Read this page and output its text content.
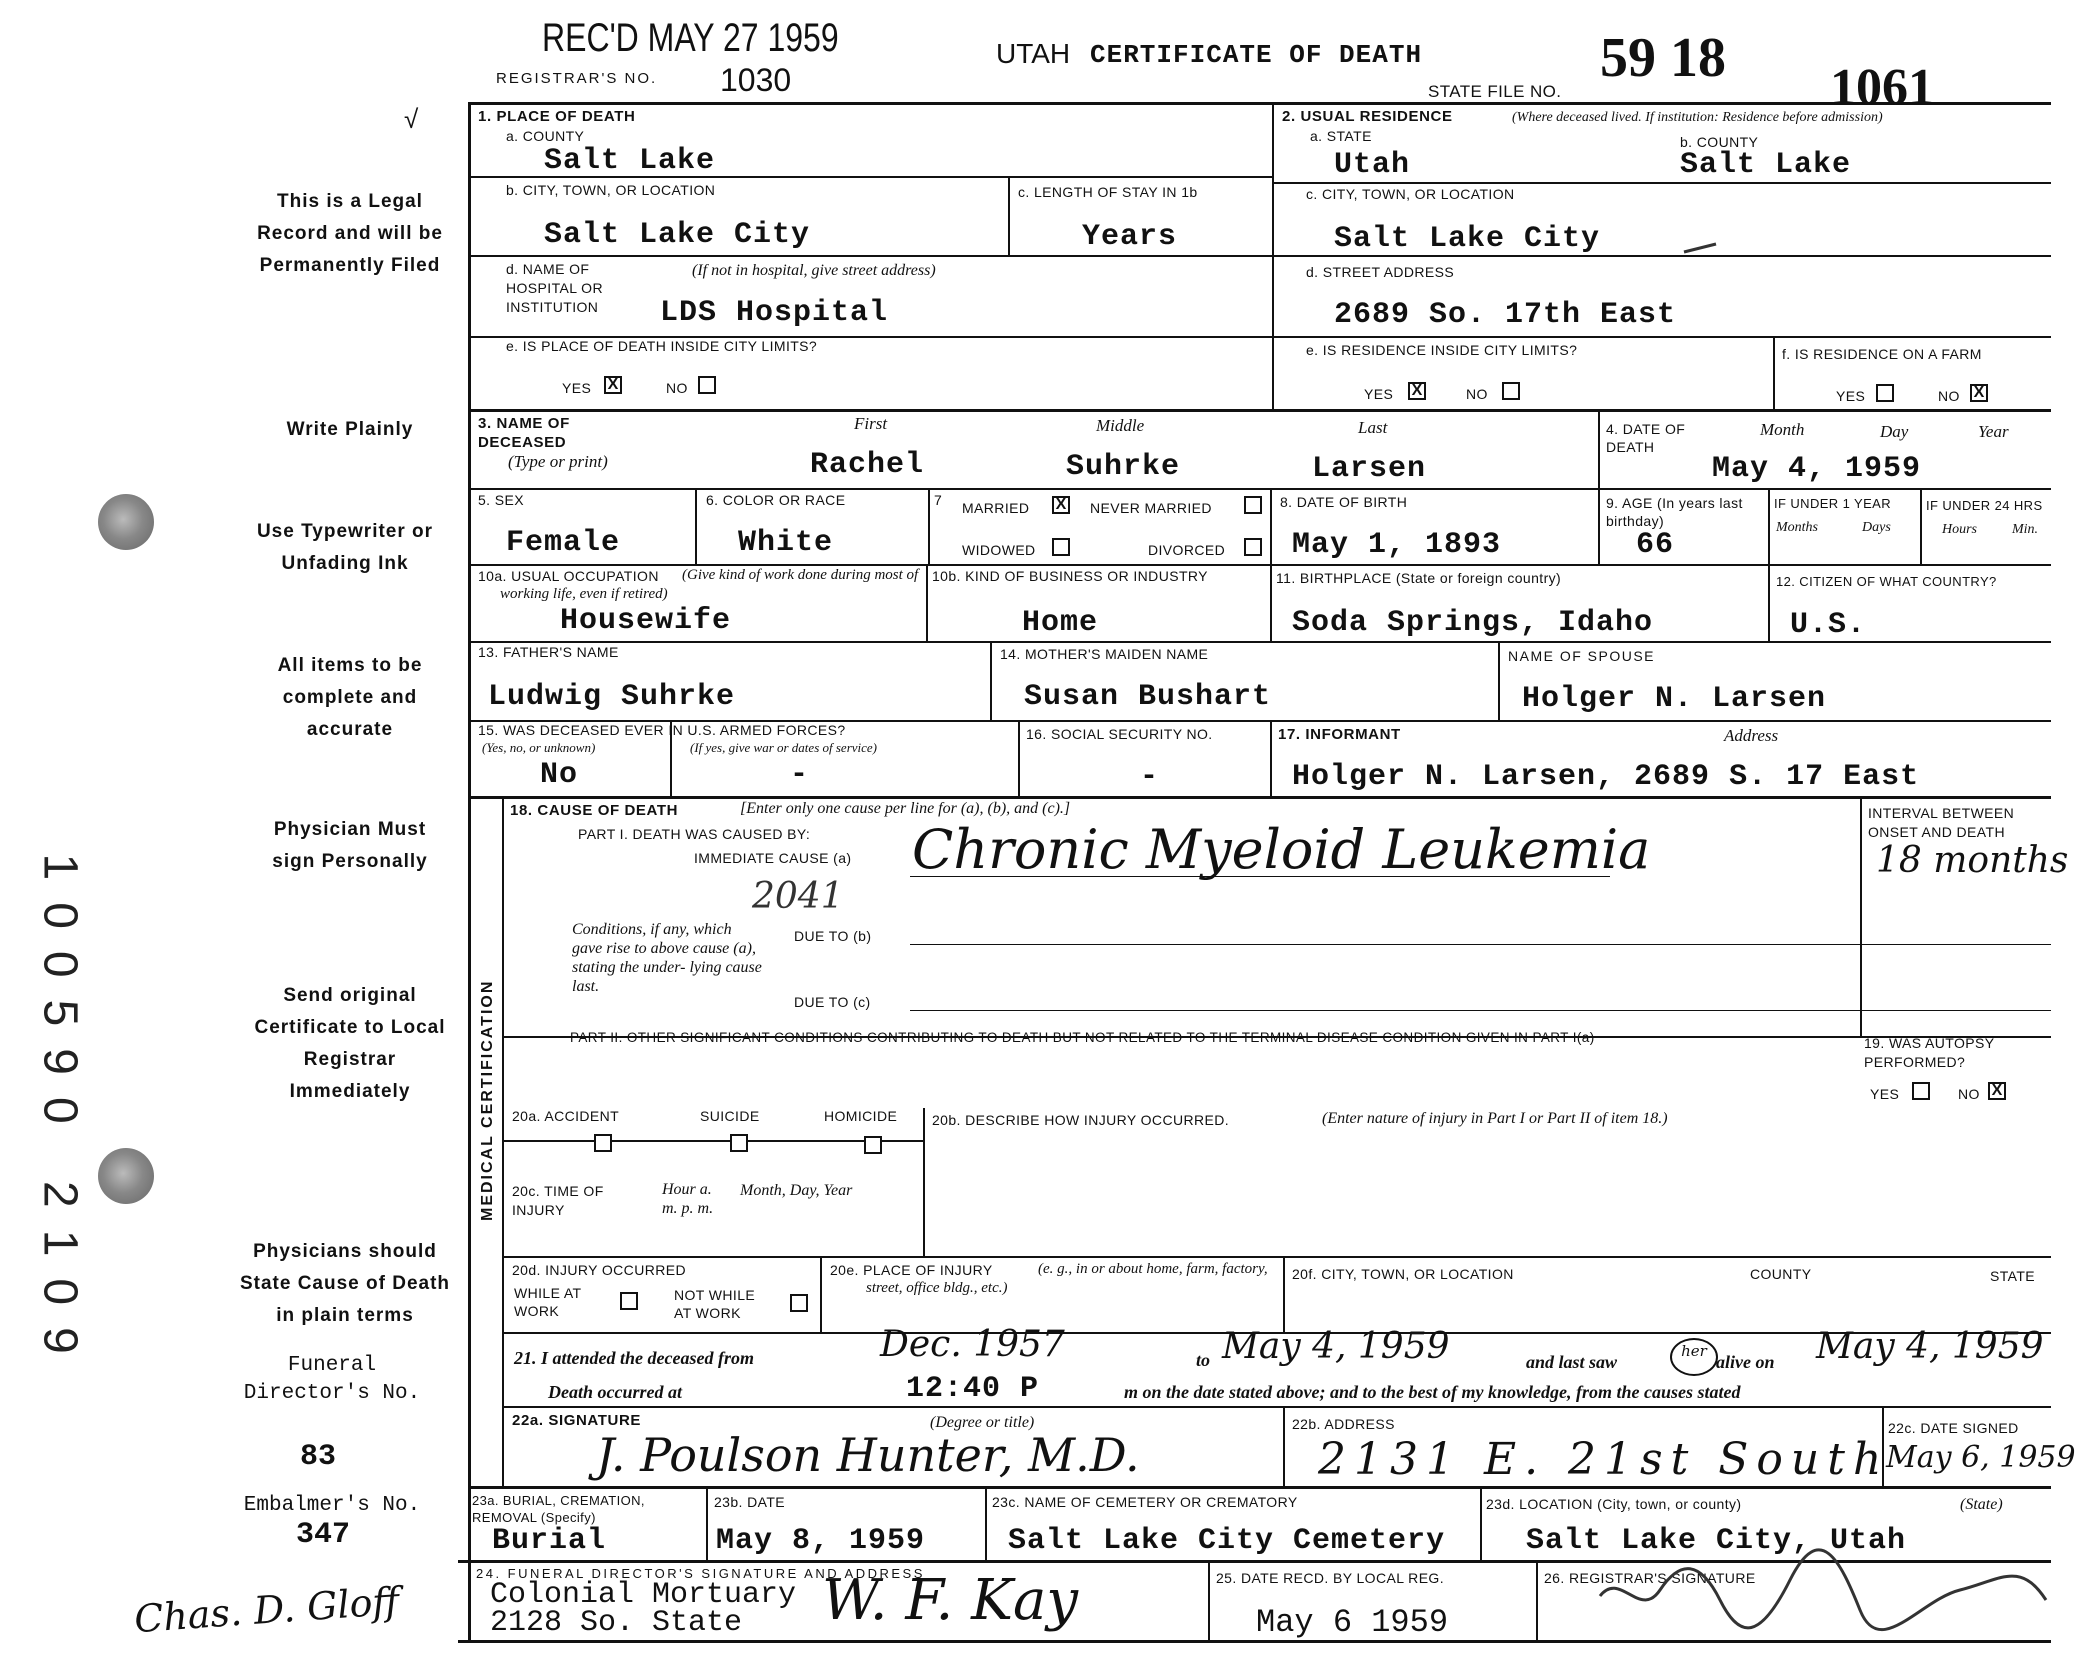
REC'D MAY 27 1959
REGISTRAR'S NO. 1030
UTAH CERTIFICATE OF DEATH
STATE FILE NO.
59 18 1061
√
This is a Legal Record and will be Permanently Filed
Write Plainly
Use Typewriter or Unfading Ink
All items to be complete and accurate
Physician Must sign Personally
Send original Certificate to Local Registrar Immediately
Physicians should State Cause of Death in plain terms
Funeral Director's No.
83
Embalmer's No.
347
Chas. D. Gloff
100590 2109
1. PLACE OF DEATH
a. COUNTY
Salt Lake
b. CITY, TOWN, OR LOCATION
Salt Lake City
c. LENGTH OF STAY IN 1b
Years
d. NAME OF HOSPITAL OR INSTITUTION
(If not in hospital, give street address)
LDS Hospital
e. IS PLACE OF DEATH INSIDE CITY LIMITS?
YES X	NO
2. USUAL RESIDENCE	(Where deceased lived. If institution: Residence before admission)
a. STATE
Utah
b. COUNTY
Salt Lake
c. CITY, TOWN, OR LOCATION
Salt Lake City
d. STREET ADDRESS
2689 So. 17th East
e. IS RESIDENCE INSIDE CITY LIMITS?
YES X	NO
f. IS RESIDENCE ON A FARM
YES	NO X
3. NAME OF DECEASED
(Type or print)
First	Middle	Last
Rachel	Suhrke	Larsen
4. DATE OF DEATH
Month	Day	Year
May 4, 1959
5. SEX
Female
6. COLOR OR RACE
White
7 MARRIED X NEVER MARRIED
WIDOWED	DIVORCED
8. DATE OF BIRTH
May 1, 1893
9. AGE (In years last birthday)
66
IF UNDER 1 YEAR	IF UNDER 24 HRS
Months	Days	Hours Min.
10a. USUAL OCCUPATION	(Give kind of work done during most of working life, even if retired)
Housewife
10b. KIND OF BUSINESS OR INDUSTRY
Home
11. BIRTHPLACE (State or foreign country)
Soda Springs, Idaho
12. CITIZEN OF WHAT COUNTRY?
U.S.
13. FATHER'S NAME
Ludwig Suhrke
14. MOTHER'S MAIDEN NAME
Susan Bushart
NAME OF SPOUSE
Holger N. Larsen
15. WAS DECEASED EVER IN U.S. ARMED FORCES?
(Yes, no, or unknown)	(If yes, give war or dates of service)
No	-
16. SOCIAL SECURITY NO.
-
17. INFORMANT	Address
Holger N. Larsen, 2689 S. 17 East
MEDICAL CERTIFICATION
18. CAUSE OF DEATH	[Enter only one cause per line for (a), (b), and (c).]
PART I. DEATH WAS CAUSED BY:
IMMEDIATE CAUSE (a) Chronic Myeloid Leukemia
2041
INTERVAL BETWEEN ONSET AND DEATH
18 months
Conditions, if any, which gave rise to above cause (a), stating the under- lying cause last.
DUE TO (b)
DUE TO (c)
PART II. OTHER SIGNIFICANT CONDITIONS CONTRIBUTING TO DEATH BUT NOT RELATED TO THE TERMINAL DISEASE CONDITION GIVEN IN PART I(a)	19. WAS AUTOPSY PERFORMED?
YES	NO X
20a. ACCIDENT	SUICIDE	HOMICIDE 20b. DESCRIBE HOW INJURY OCCURRED.	(Enter nature of injury in Part I or Part II of item 18.)
20c. TIME OF INJURY
Hour a. m. p. m.
Month, Day, Year
20d. INJURY OCCURRED
WHILE AT WORK
NOT WHILE AT WORK
20e. PLACE OF INJURY	(e. g., in or about home, farm, factory, street, office bldg., etc.)
20f. CITY, TOWN, OR LOCATION	COUNTY	STATE
21. I attended the deceased from	Dec. 1957	to May 4, 1959	and last saw
her
alive on May 4, 1959
Death occurred at	12:40 P	m on the date stated above; and to the best of my knowledge, from the causes stated
22a. SIGNATURE	(Degree or title)
J. Poulson Hunter, M.D.
22b. ADDRESS
2131 E. 21st South
22c. DATE SIGNED
May 6, 1959
23a. BURIAL, CREMATION, REMOVAL (Specify)
Burial
23b. DATE
May 8, 1959
23c. NAME OF CEMETERY OR CREMATORY
Salt Lake City Cemetery
23d. LOCATION (City, town, or county)	(State)
Salt Lake City, Utah
24. FUNERAL DIRECTOR'S SIGNATURE AND ADDRESS
Colonial Mortuary
2128 So. State W. F. Kay	25. DATE RECD. BY LOCAL REG.
May 6 1959
26. REGISTRAR'S SIGNATURE
